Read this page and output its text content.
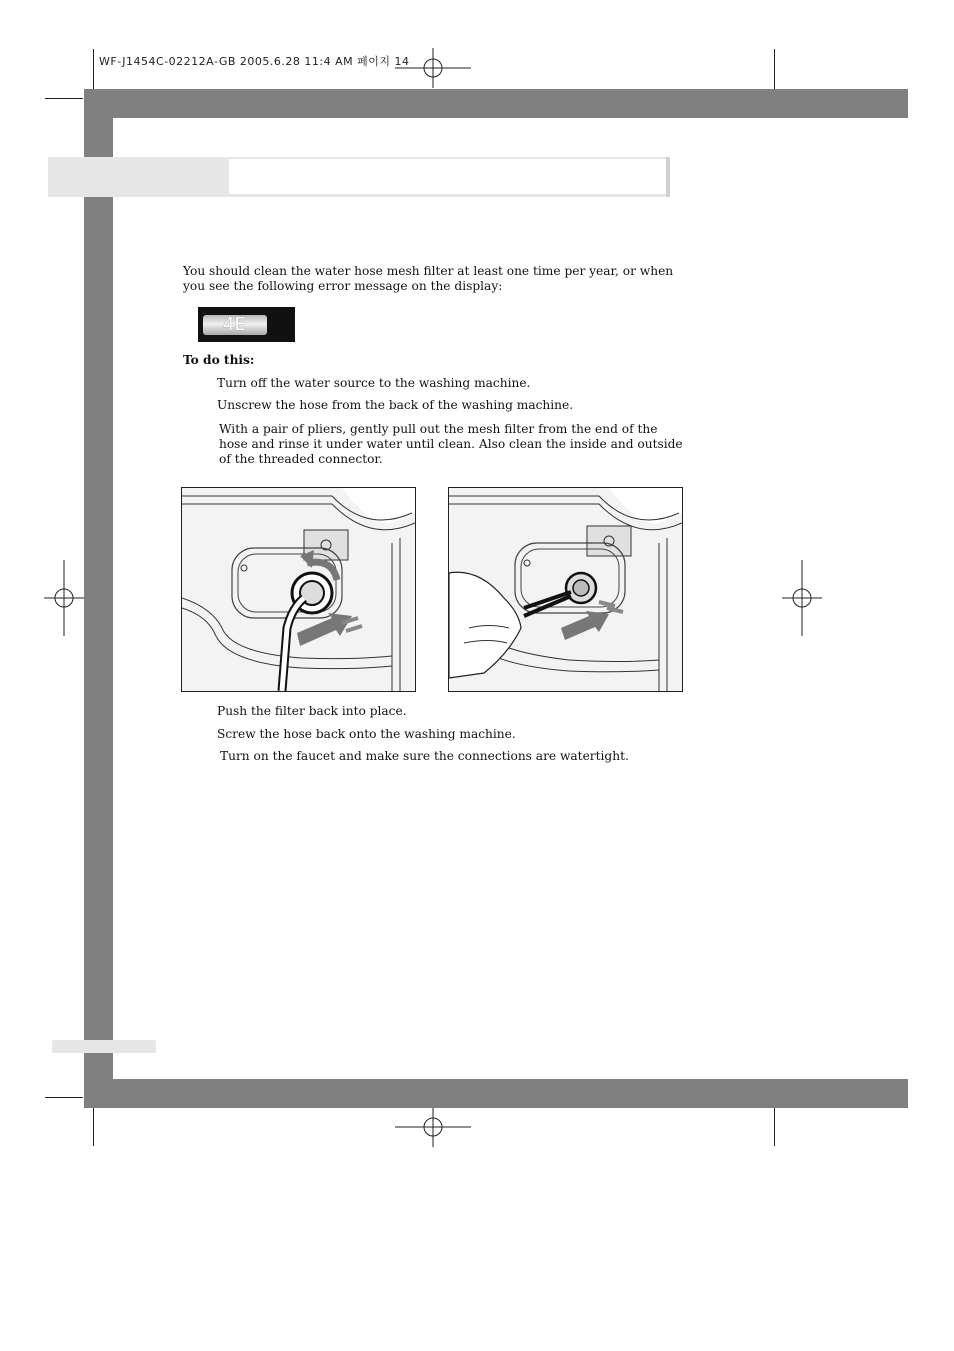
WF-J1454C-02212A-GB 2005.6.28 11:4 AM 페이지 14
You should clean the water hose mesh filter at least one time per year, or when you see the following error message on the display:
4E
To do this:
Turn off the water source to the washing machine.
Unscrew the hose from the back of the washing machine.
With a pair of pliers, gently pull out the mesh filter from the end of the hose and rinse it under water until clean. Also clean the inside and outside of the threaded connector.
Push the filter back into place.
Screw the hose back onto the washing machine.
Turn on the faucet and make sure the connections are watertight.
